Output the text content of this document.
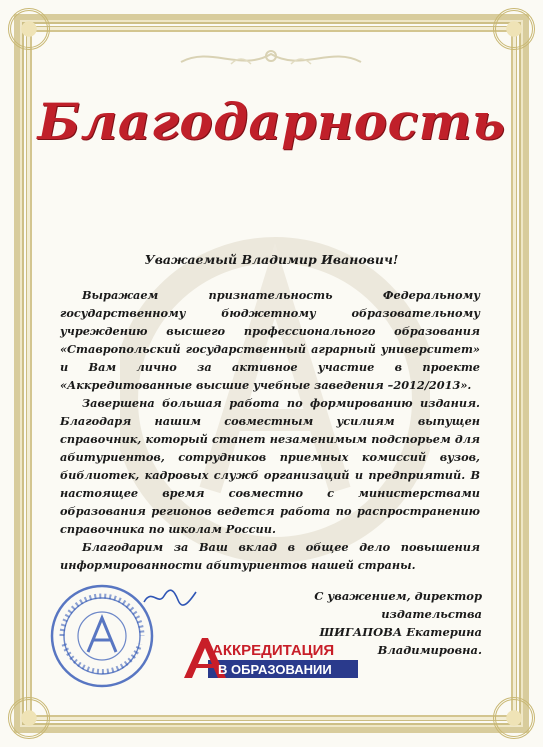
Благодарность
Уважаемый Владимир Иванович!

Выражаем признательность Федеральному государственному бюджетному образовательному учреждению высшего профессионального образования «Ставропольский государственный аграрный университет» и Вам лично за активное участие в проекте «Аккредитованные высшие учебные заведения –2012/2013».

Завершена большая работа по формированию издания. Благодаря нашим совместным усилиям выпущен справочник, который станет незаменимым подспорьем для абитуриентов, сотрудников приемных комиссий вузов, библиотек, кадровых служб организаций и предприятий. В настоящее время совместно с министерствами образования регионов ведется работа по распространению справочника по школам России.

Благодарим за Ваш вклад в общее дело повышения информированности абитуриентов нашей страны.

С уважением, директор издательства
ШИГАПОВА Екатерина Владимировна.
АККРЕДИТАЦИЯ
В ОБРАЗОВАНИИ
